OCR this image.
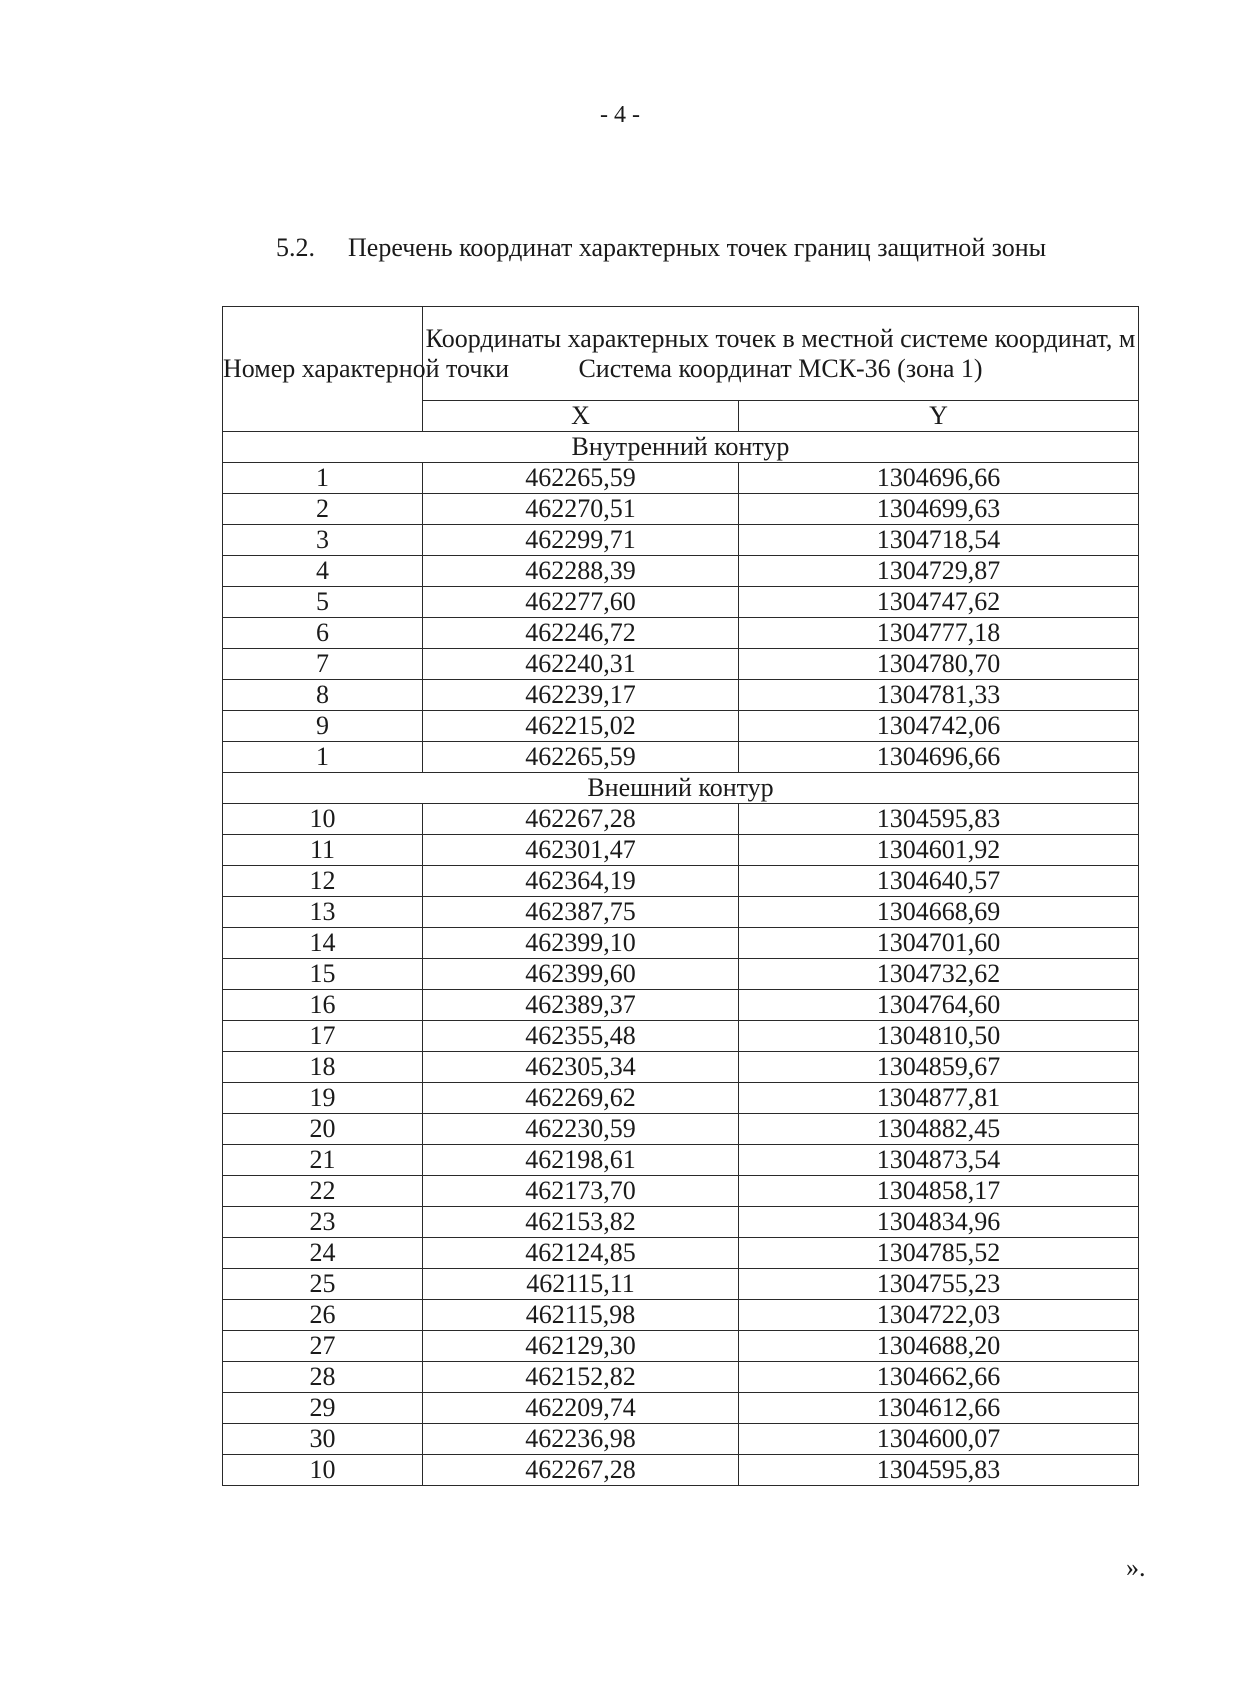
- 4 -
5.2. Перечень координат характерных точек границ защитной зоны
Номер характерной точки	Координаты характерных точек в местной системе координат, м
Система координат МСК-36 (зона 1)	

	X	Y
Внутренний контур		
1	462265,59	1304696,66
2	462270,51	1304699,63
3	462299,71	1304718,54
4	462288,39	1304729,87
5	462277,60	1304747,62
6	462246,72	1304777,18
7	462240,31	1304780,70
8	462239,17	1304781,33
9	462215,02	1304742,06
1	462265,59	1304696,66
Внешний контур		
10	462267,28	1304595,83
11	462301,47	1304601,92
12	462364,19	1304640,57
13	462387,75	1304668,69
14	462399,10	1304701,60
15	462399,60	1304732,62
16	462389,37	1304764,60
17	462355,48	1304810,50
18	462305,34	1304859,67
19	462269,62	1304877,81
20	462230,59	1304882,45
21	462198,61	1304873,54
22	462173,70	1304858,17
23	462153,82	1304834,96
24	462124,85	1304785,52
25	462115,11	1304755,23
26	462115,98	1304722,03
27	462129,30	1304688,20
28	462152,82	1304662,66
29	462209,74	1304612,66
30	462236,98	1304600,07
10	462267,28	1304595,83
».
